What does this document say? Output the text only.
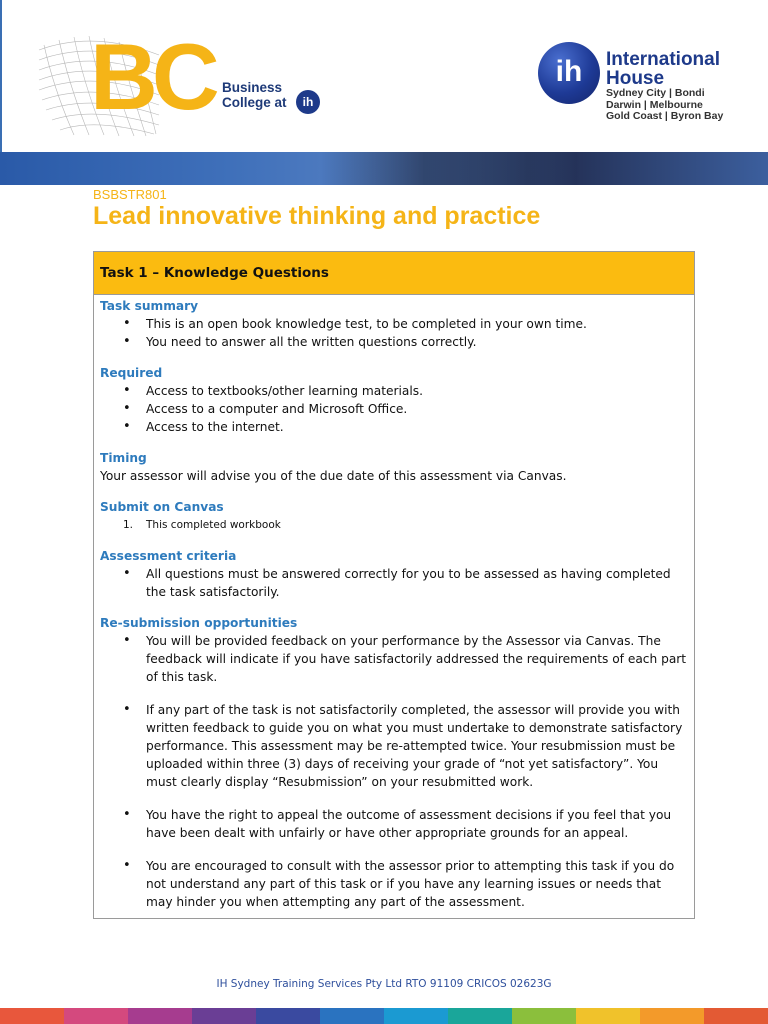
BC Business
College at	ih
ih	International
House
Sydney City | Bondi
Darwin | Melbourne
Gold Coast | Byron Bay
BSBSTR801
Lead innovative thinking and practice
Task 1 – Knowledge Questions
Task summary
• This is an open book knowledge test, to be completed in your own time.
• You need to answer all the written questions correctly.
Required
• Access to textbooks/other learning materials.
• Access to a computer and Microsoft Office.
• Access to the internet.
Timing
Your assessor will advise you of the due date of this assessment via Canvas.
Submit on Canvas
1. This completed workbook
Assessment criteria
• All questions must be answered correctly for you to be assessed as having completed the task satisfactorily.
Re-submission opportunities
• You will be provided feedback on your performance by the Assessor via Canvas. The feedback will indicate if you have satisfactorily addressed the requirements of each part of this task.
• If any part of the task is not satisfactorily completed, the assessor will provide you with written feedback to guide you on what you must undertake to demonstrate satisfactory performance. This assessment may be re-attempted twice. Your resubmission must be uploaded within three (3) days of receiving your grade of “not yet satisfactory”. You must clearly display “Resubmission” on your resubmitted work.
• You have the right to appeal the outcome of assessment decisions if you feel that you have been dealt with unfairly or have other appropriate grounds for an appeal.
• You are encouraged to consult with the assessor prior to attempting this task if you do not understand any part of this task or if you have any learning issues or needs that may hinder you when attempting any part of the assessment.
IH Sydney Training Services Pty Ltd RTO 91109 CRICOS 02623G
